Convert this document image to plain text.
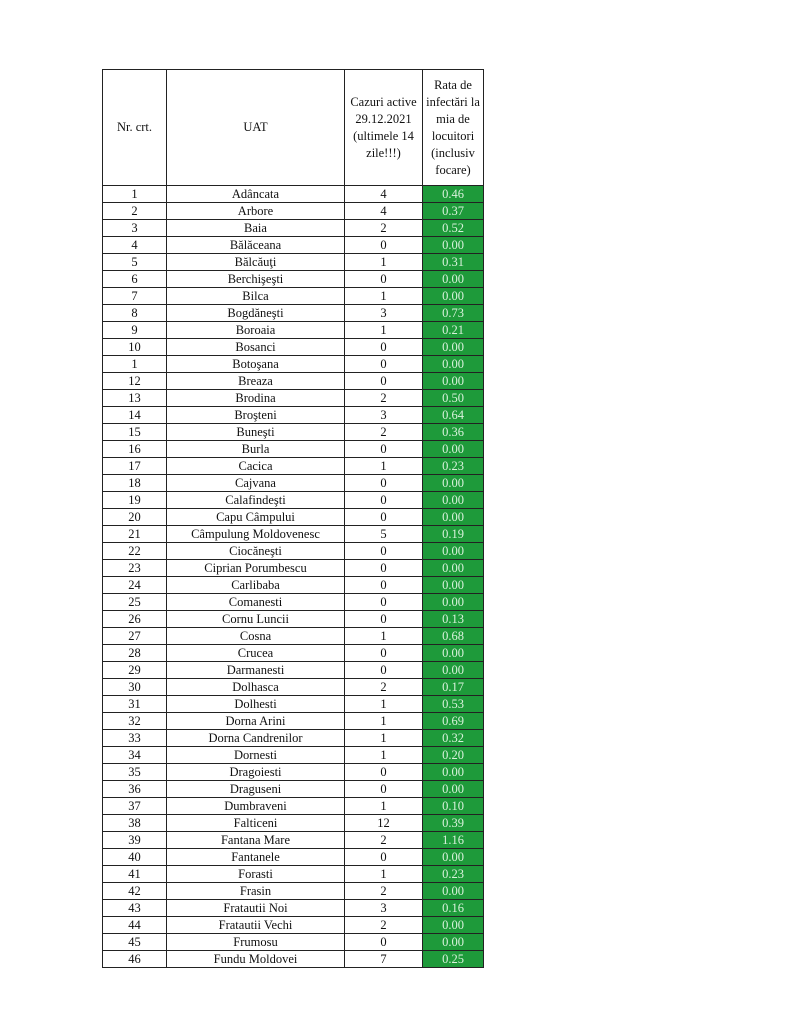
Nr. crt.	UAT	Cazuri active 29.12.2021 (ultimele 14 zile!!!)	Rata de infectări la mia de locuitori (inclusiv focare)
1	Adâncata	4	0.46
2	Arbore	4	0.37
3	Baia	2	0.52
4	Bălăceana	0	0.00
5	Bălcăuţi	1	0.31
6	Berchişeşti	0	0.00
7	Bilca	1	0.00
8	Bogdăneşti	3	0.73
9	Boroaia	1	0.21
10	Bosanci	0	0.00
1	Botoşana	0	0.00
12	Breaza	0	0.00
13	Brodina	2	0.50
14	Broşteni	3	0.64
15	Buneşti	2	0.36
16	Burla	0	0.00
17	Cacica	1	0.23
18	Cajvana	0	0.00
19	Calafindeşti	0	0.00
20	Capu Câmpului	0	0.00
21	Câmpulung Moldovenesc	5	0.19
22	Ciocăneşti	0	0.00
23	Ciprian Porumbescu	0	0.00
24	Carlibaba	0	0.00
25	Comanesti	0	0.00
26	Cornu Luncii	0	0.13
27	Cosna	1	0.68
28	Crucea	0	0.00
29	Darmanesti	0	0.00
30	Dolhasca	2	0.17
31	Dolhesti	1	0.53
32	Dorna Arini	1	0.69
33	Dorna Candrenilor	1	0.32
34	Dornesti	1	0.20
35	Dragoiesti	0	0.00
36	Draguseni	0	0.00
37	Dumbraveni	1	0.10
38	Falticeni	12	0.39
39	Fantana Mare	2	1.16
40	Fantanele	0	0.00
41	Forasti	1	0.23
42	Frasin	2	0.00
43	Fratautii Noi	3	0.16
44	Fratautii Vechi	2	0.00
45	Frumosu	0	0.00
46	Fundu Moldovei	7	0.25
